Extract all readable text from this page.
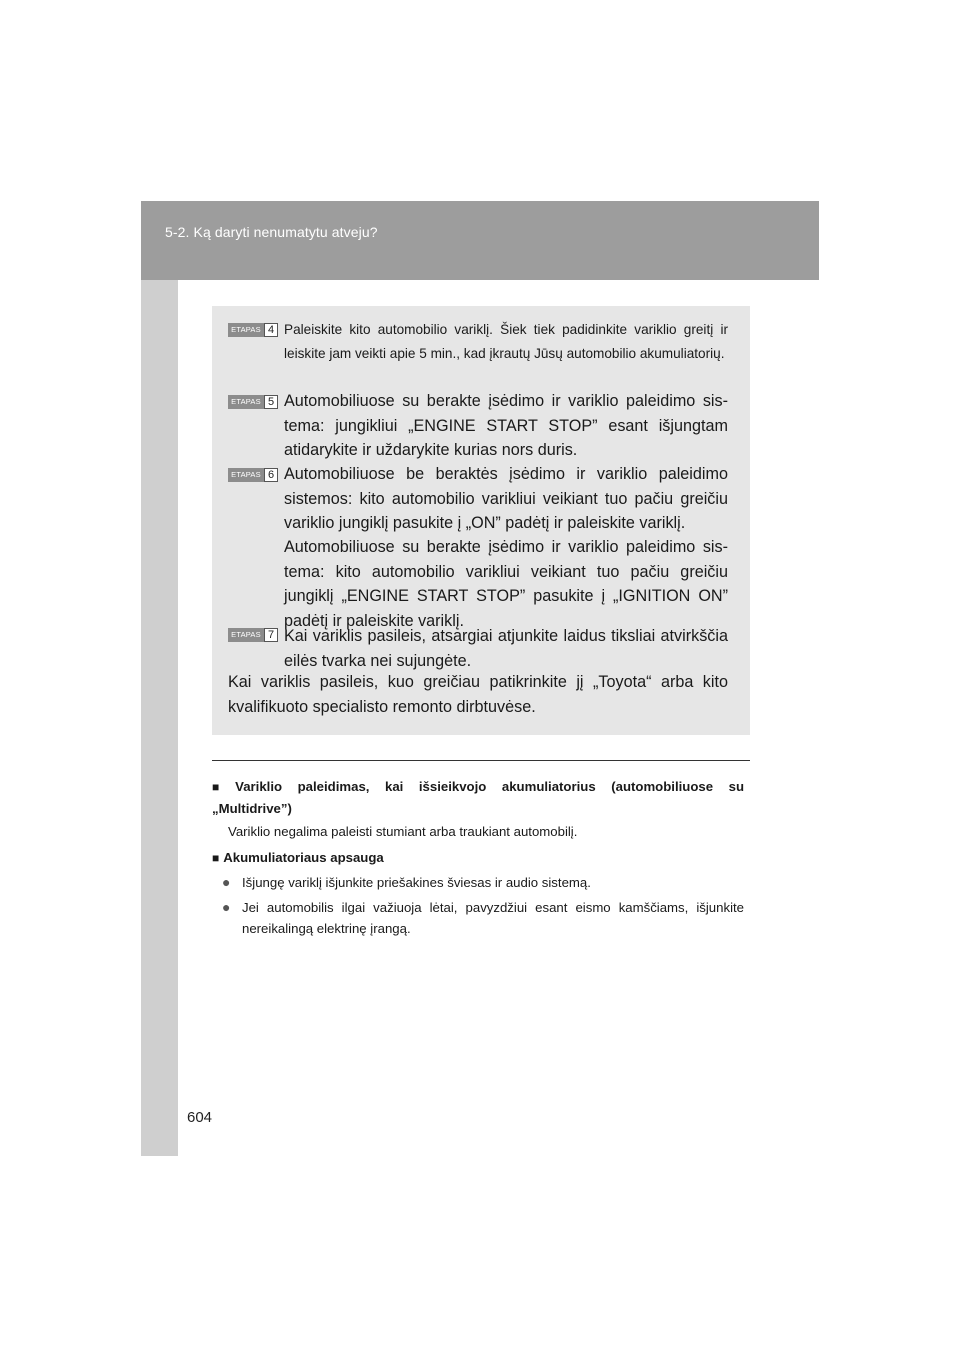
5-2. Ką daryti nenumatytu atveju?
ETAPAS 4 Paleiskite kito automobilio variklį. Šiek tiek padidinkite variklio greitį ir leiskite jam veikti apie 5 min., kad įkrautų Jūsų automobilio akumuliatorių.
ETAPAS 5 Automobiliuose su berakte įsėdimo ir variklio paleidimo sistema: jungikliui „ENGINE START STOP” esant išjungtam atidarykite ir uždarykite kurias nors duris.
ETAPAS 6 Automobiliuose be beraktės įsėdimo ir variklio paleidimo sistemos: kito automobilio varikliui veikiant tuo pačiu greičiu variklio jungiklį pasukite į „ON” padėtį ir paleiskite variklį.
Automobiliuose su berakte įsėdimo ir variklio paleidimo sistema: kito automobilio varikliui veikiant tuo pačiu greičiu jungiklį „ENGINE START STOP” pasukite į „IGNITION ON” padėtį ir paleiskite variklį.
ETAPAS 7 Kai variklis pasileis, atsargiai atjunkite laidus tiksliai atvirkščia eilės tvarka nei sujungėte.
Kai variklis pasileis, kuo greičiau patikrinkite jį „Toyota“ arba kito kvalifikuoto specialisto remonto dirbtuvėse.
■ Variklio paleidimas, kai išsieikvojo akumuliatorius (automobiliuose su „Multidrive”)
Variklio negalima paleisti stumiant arba traukiant automobilį.
■ Akumuliatoriaus apsauga
● Išjungę variklį išjunkite priešakines šviesas ir audio sistemą.
● Jei automobilis ilgai važiuoja lėtai, pavyzdžiui esant eismo kamščiams, išjunkite nereikalingą elektrinę įrangą.
604
